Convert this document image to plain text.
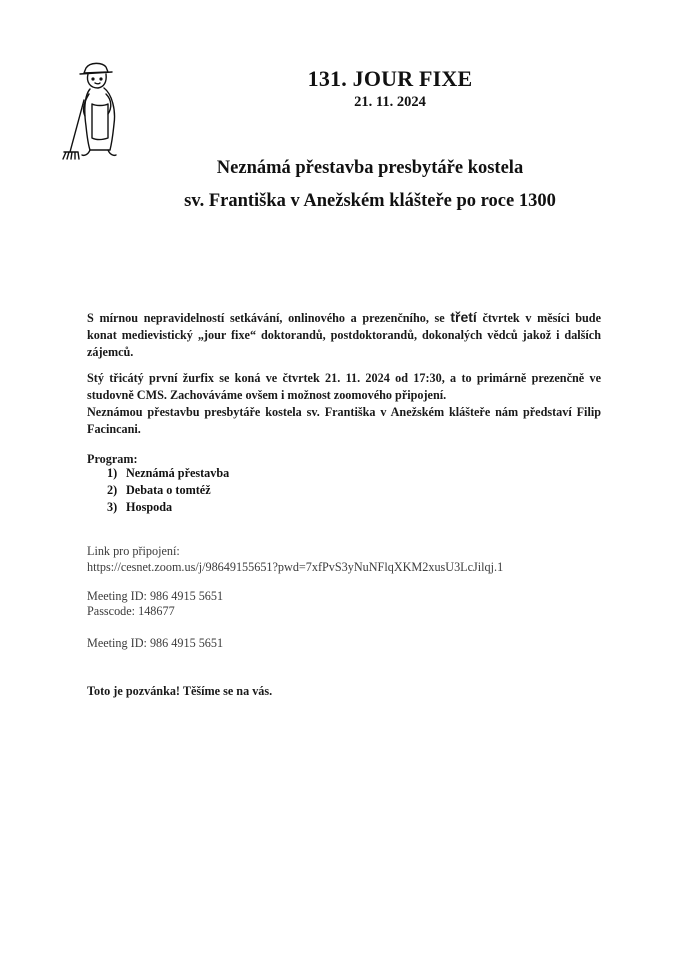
131. JOUR FIXE
21. 11. 2024
Neznámá přestavba presbytáře kostela
sv. Františka v Anežském klášteře po roce 1300
S mírnou nepravidelností setkávání, onlinového a prezenčního, se třetí čtvrtek v měsíci bude konat medievistický „jour fixe“ doktorandů, postdoktorandů, dokonalých vědců jakož i dalších zájemců.
Stý třicátý první žurfix se koná ve čtvrtek 21. 11. 2024 od 17:30, a to primárně prezenčně ve studovně CMS. Zachováváme ovšem i možnost zoomového připojení.
Neznámou přestavbu presbytáře kostela sv. Františka v Anežském klášteře nám představí Filip Facincani.
Program:
1) Neznámá přestavba
2) Debata o tomtéž
3) Hospoda
Link pro připojení:
https://cesnet.zoom.us/j/98649155651?pwd=7xfPvS3yNuNFlqXKM2xusU3LcJilqj.1
Meeting ID: 986 4915 5651
Passcode: 148677
Meeting ID: 986 4915 5651
Toto je pozvánka! Těšíme se na vás.
